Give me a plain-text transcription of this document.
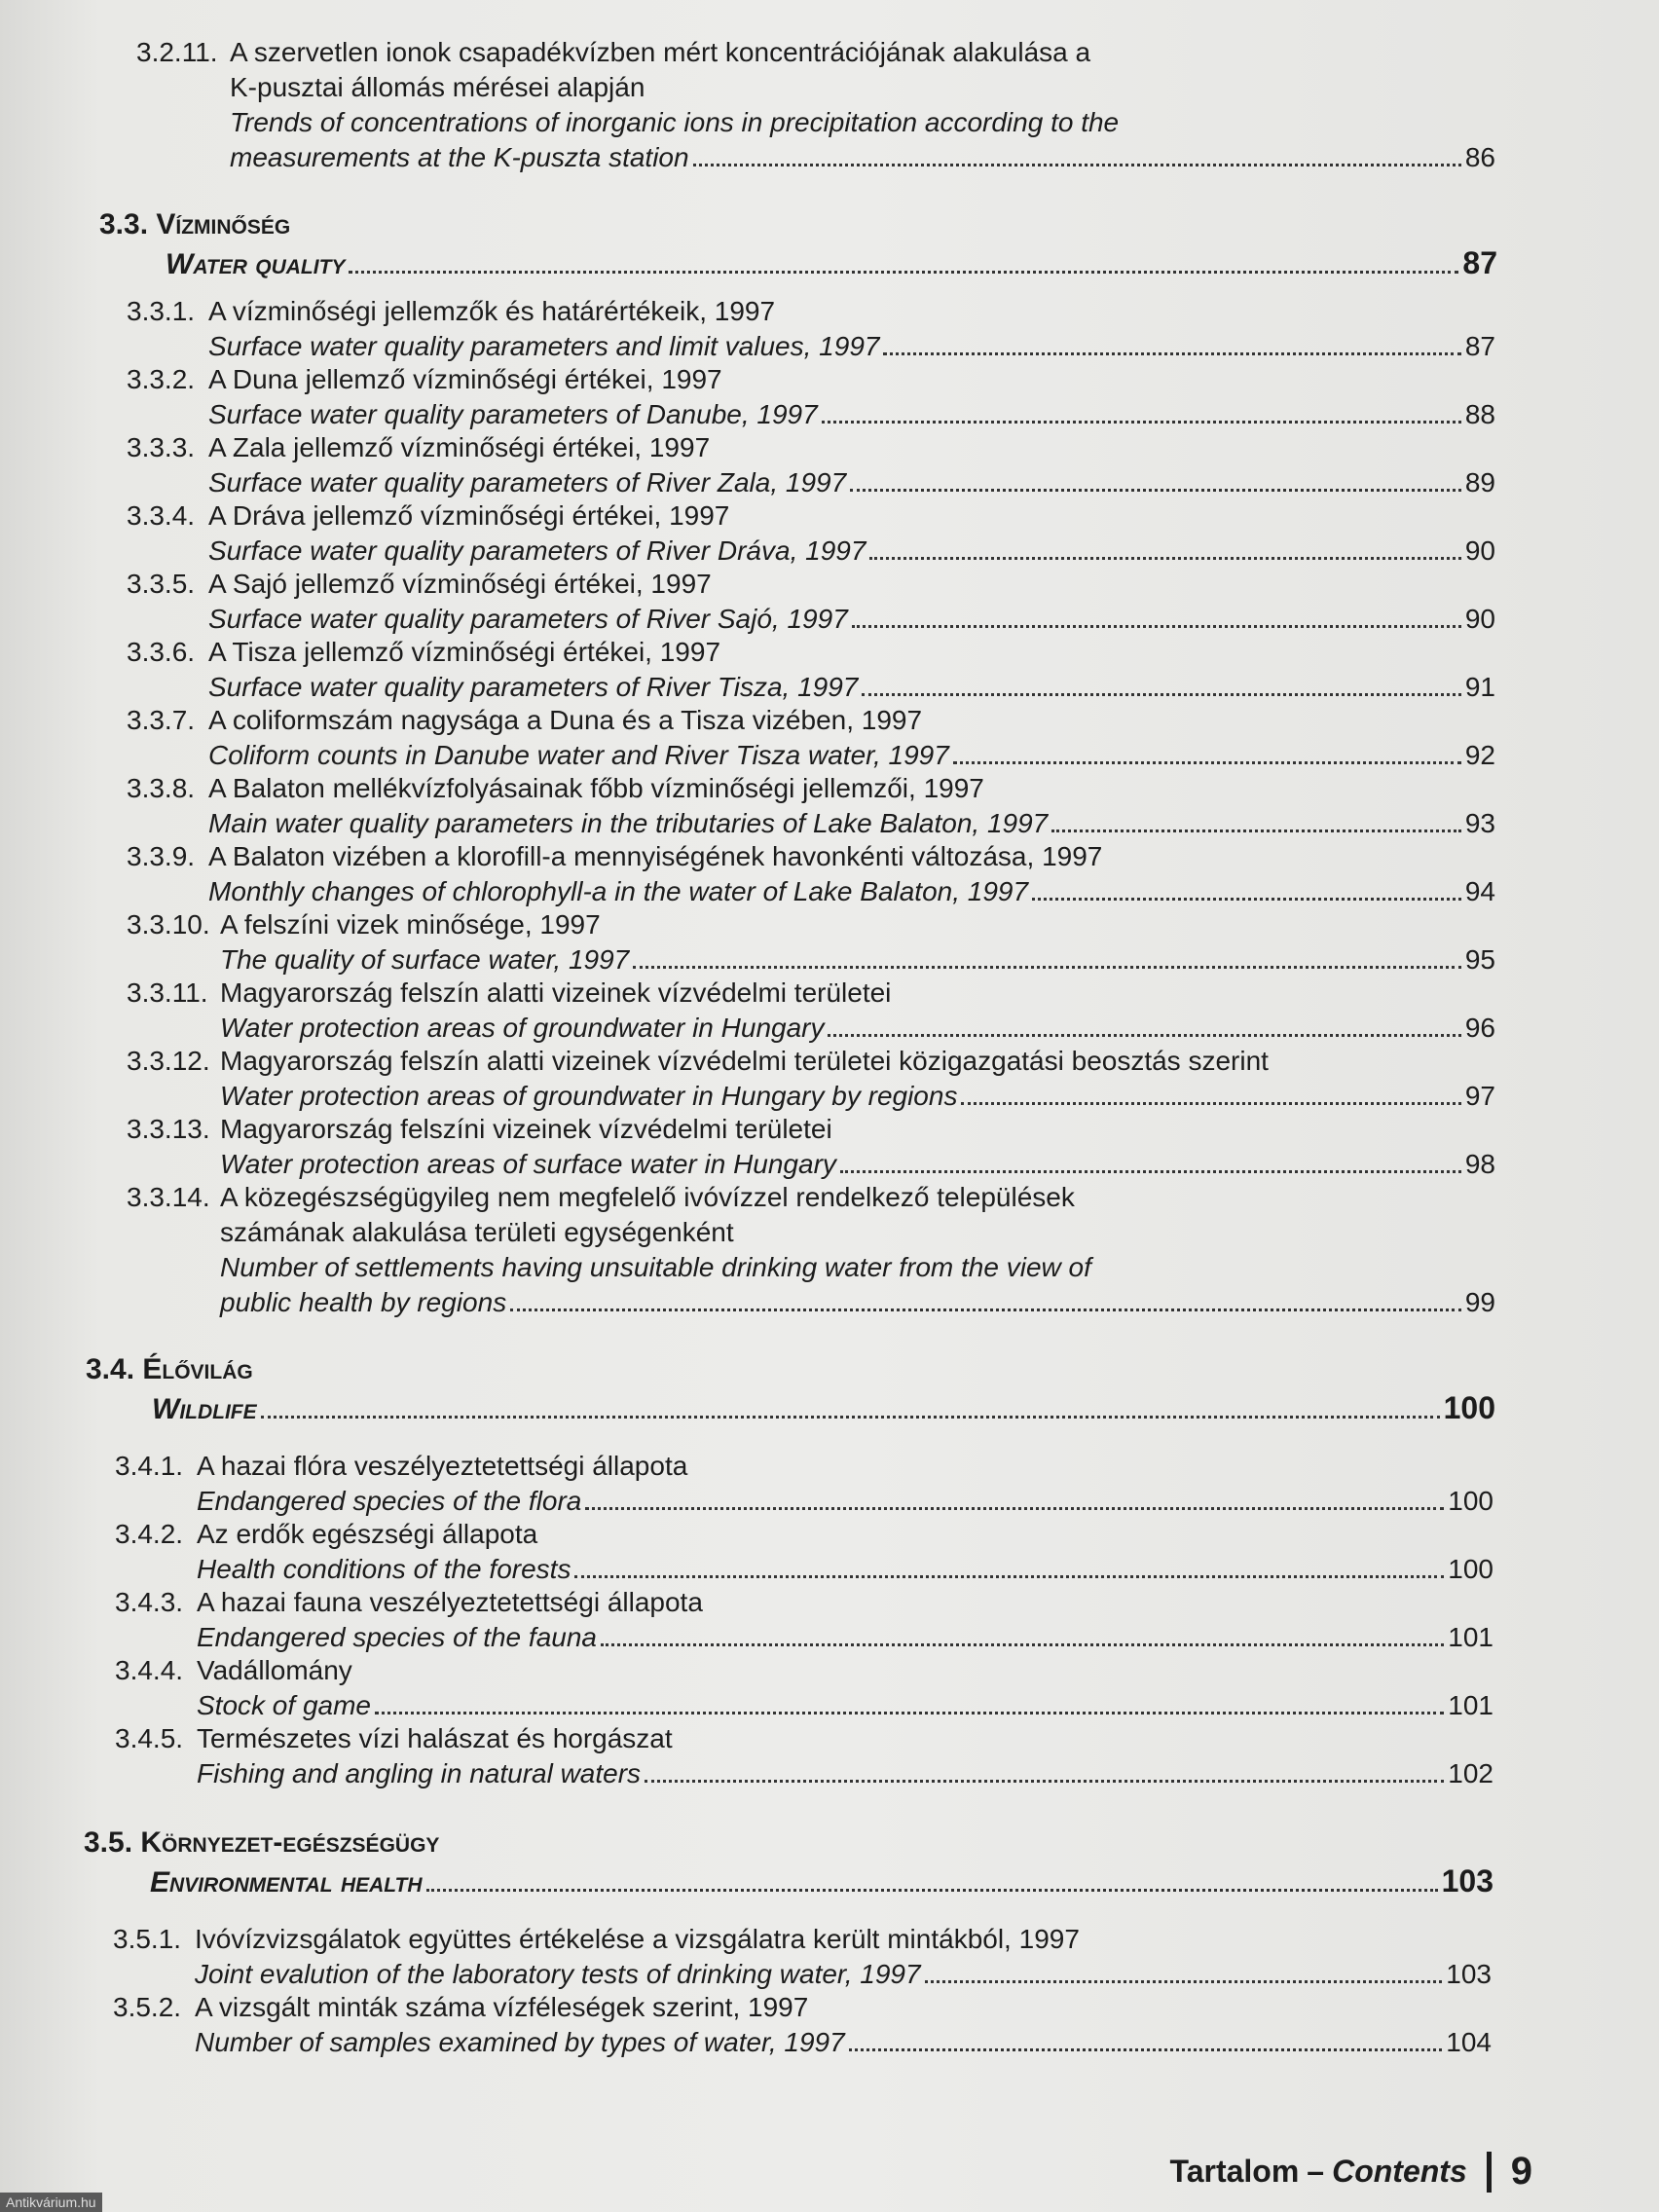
3.2.11. A szervetlen ionok csapadékvízben mért koncentrációjának alakulása a
K-pusztai állomás mérései alapján
Trends of concentrations of inorganic ions in precipitation according to the
measurements at the K-puszta station	86
3.3. Vízminőség
Water quality	87
3.3.1. A vízminőségi jellemzők és határértékeik, 1997
Surface water quality parameters and limit values, 1997	87
3.3.2. A Duna jellemző vízminőségi értékei, 1997
Surface water quality parameters of Danube, 1997	88
3.3.3. A Zala jellemző vízminőségi értékei, 1997
Surface water quality parameters of River Zala, 1997	89
3.3.4. A Dráva jellemző vízminőségi értékei, 1997
Surface water quality parameters of River Dráva, 1997	90
3.3.5. A Sajó jellemző vízminőségi értékei, 1997
Surface water quality parameters of River Sajó, 1997	90
3.3.6. A Tisza jellemző vízminőségi értékei, 1997
Surface water quality parameters of River Tisza, 1997	91
3.3.7. A coliformszám nagysága a Duna és a Tisza vizében, 1997
Coliform counts in Danube water and River Tisza water, 1997	92
3.3.8. A Balaton mellékvízfolyásainak főbb vízminőségi jellemzői, 1997
Main water quality parameters in the tributaries of Lake Balaton, 1997	93
3.3.9. A Balaton vizében a klorofill-a mennyiségének havonkénti változása, 1997
Monthly changes of chlorophyll-a in the water of Lake Balaton, 1997	94
3.3.10. A felszíni vizek minősége, 1997
The quality of surface water, 1997	95
3.3.11. Magyarország felszín alatti vizeinek vízvédelmi területei
Water protection areas of groundwater in Hungary	96
3.3.12. Magyarország felszín alatti vizeinek vízvédelmi területei közigazgatási beosztás szerint
Water protection areas of groundwater in Hungary by regions	97
3.3.13. Magyarország felszíni vizeinek vízvédelmi területei
Water protection areas of surface water in Hungary	98
3.3.14. A közegészségügyileg nem megfelelő ivóvízzel rendelkező települések
számának alakulása területi egységenként
Number of settlements having unsuitable drinking water from the view of
public health by regions	99
3.4. Élővilág
Wildlife	100
3.4.1. A hazai flóra veszélyeztetettségi állapota
Endangered species of the flora	100
3.4.2. Az erdők egészségi állapota
Health conditions of the forests	100
3.4.3. A hazai fauna veszélyeztetettségi állapota
Endangered species of the fauna	101
3.4.4. Vadállomány
Stock of game	101
3.4.5. Természetes vízi halászat és horgászat
Fishing and angling in natural waters	102
3.5. Környezet-egészségügy
Environmental health	103
3.5.1. Ivóvízvizsgálatok együttes értékelése a vizsgálatra került mintákból, 1997
Joint evalution of the laboratory tests of drinking water, 1997	103
3.5.2. A vizsgált minták száma vízféleségek szerint, 1997
Number of samples examined by types of water, 1997	104
Tartalom – Contents 9
Antikvárium.hu
